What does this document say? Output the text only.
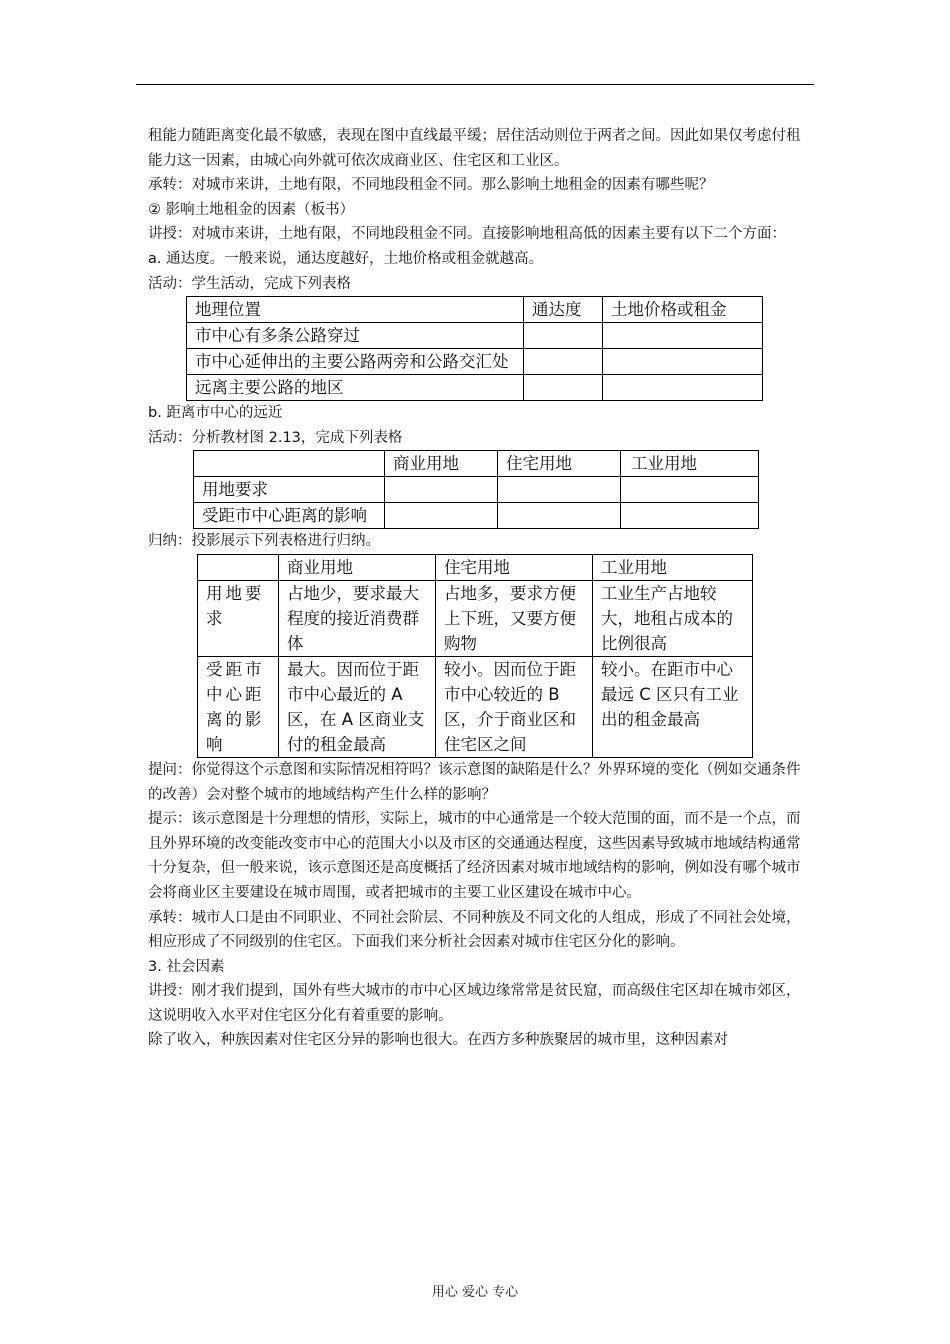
租能力随距离变化最不敏感，表现在图中直线最平缓；居住活动则位于两者之间。因此如果仅考虑付租能力这一因素，由城心向外就可依次成商业区、住宅区和工业区。

承转：对城市来讲，土地有限，不同地段租金不同。那么影响土地租金的因素有哪些呢？

② 影响土地租金的因素（板书）

讲授：对城市来讲，土地有限，不同地段租金不同。直接影响地租高低的因素主要有以下二个方面：

a. 通达度。一般来说，通达度越好，土地价格或租金就越高。

活动：学生活动，完成下列表格

地理位置	通达度	土地价格或租金
市中心有多条公路穿过		
市中心延伸出的主要公路两旁和公路交汇处		
远离主要公路的地区		

b. 距离市中心的远近

活动：分析教材图 2.13，完成下列表格

	商业用地	住宅用地	工业用地
用地要求			
受距市中心距离的影响			

归纳：投影展示下列表格进行归纳。

	商业用地	住宅用地	工业用地
用地要求	占地少，要求最大程度的接近消费群体	占地多，要求方便上下班，又要方便购物	工业生产占地较大，地租占成本的比例很高
受距市中心距离的影响	最大。因而位于距市中心最近的 A 区，在 A 区商业支付的租金最高	较小。因而位于距市中心较近的 B 区，介于商业区和住宅区之间	较小。在距市中心最远 C 区只有工业出的租金最高

提问：你觉得这个示意图和实际情况相符吗？该示意图的缺陷是什么？外界环境的变化（例如交通条件的改善）会对整个城市的地域结构产生什么样的影响？

提示：该示意图是十分理想的情形，实际上，城市的中心通常是一个较大范围的面，而不是一个点，而且外界环境的改变能改变市中心的范围大小以及市区的交通通达程度，这些因素导致城市地域结构通常十分复杂，但一般来说，该示意图还是高度概括了经济因素对城市地域结构的影响，例如没有哪个城市会将商业区主要建设在城市周围，或者把城市的主要工业区建设在城市中心。

承转：城市人口是由不同职业、不同社会阶层、不同种族及不同文化的人组成，形成了不同社会处境，相应形成了不同级别的住宅区。下面我们来分析社会因素对城市住宅区分化的影响。

3. 社会因素

讲授：刚才我们提到，国外有些大城市的市中心区域边缘常常是贫民窟，而高级住宅区却在城市郊区，这说明收入水平对住宅区分化有着重要的影响。

除了收入，种族因素对住宅区分异的影响也很大。在西方多种族聚居的城市里，这种因素对

用心 爱心 专心
